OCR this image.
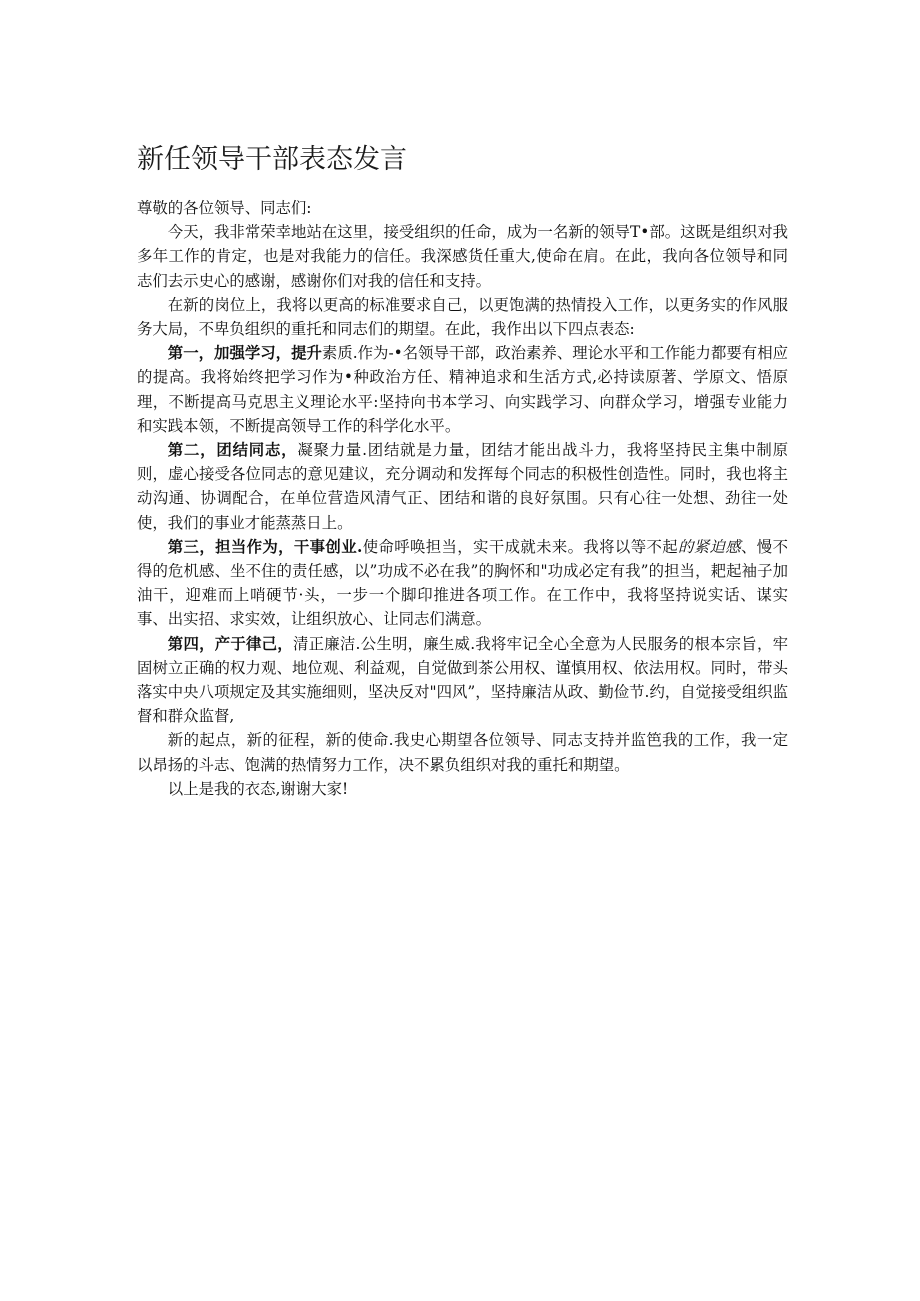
新任领导干部表态发言

尊敬的各位领导、同志们:

今天，我非常荣幸地站在这里，接受组织的任命，成为一名新的领导T•部。这既是组织对我多年工作的肯定，也是对我能力的信任。我深感货任重大,使命在肩。在此，我向各位领导和同志们去示史心的感谢，感谢你们对我的信任和支持。

在新的岗位上，我将以更高的标准要求自己，以更饱满的热情投入工作，以更务实的作风服务大局，不卑负组织的重托和同志们的期望。在此，我作出以下四点表态:

第一，加强学习，提升素质.作为-•名领导干部，政治素养、理论水平和工作能力都要有相应的提高。我将始终把学习作为•种政治方任、精神追求和生活方式,必持读原著、学原文、悟原理，不断提高马克思主义理论水平:坚持向书本学习、向实践学习、向群众学习，增强专业能力和实践本领，不断提高领导工作的科学化水平。

第二，团结同志，凝聚力量.团结就是力量，团结才能出战斗力，我将坚持民主集中制原则，虚心接受各位同志的意见建议，充分调动和发挥每个同志的积极性创造性。同时，我也将主动沟通、协调配合，在单位营造风清气正、团结和谐的良好氛围。只有心往一处想、劲往一处使，我们的事业才能蒸蒸日上。

第三，担当作为，干事创业.使命呼唤担当，实干成就未来。我将以等不起的紧迫感、慢不得的危机感、坐不住的责任感，以”功成不必在我”的胸怀和"功成必定有我”的担当，耙起袖子加油干，迎难而上哨硬节·头，一步一个脚印推进各项工作。在工作中，我将坚持说实话、谋实事、出实招、求实效，让组织放心、让同志们满意。

第四，产于律己，清正廉洁.公生明，廉生威.我将牢记全心全意为人民服务的根本宗旨，牢固树立正确的权力观、地位观、利益观，自觉做到茶公用权、谨慎用权、依法用权。同时，带头落实中央八项规定及其实施细则，坚决反对"四风”，坚持廉洁从政、勤俭节.约，自觉接受组织监督和群众监督,

新的起点，新的征程，新的使命.我史心期望各位领导、同志支持并监笆我的工作，我一定以昂扬的斗志、饱满的热情努力工作，决不累负组织对我的重托和期望。

以上是我的衣态,谢谢大家!
